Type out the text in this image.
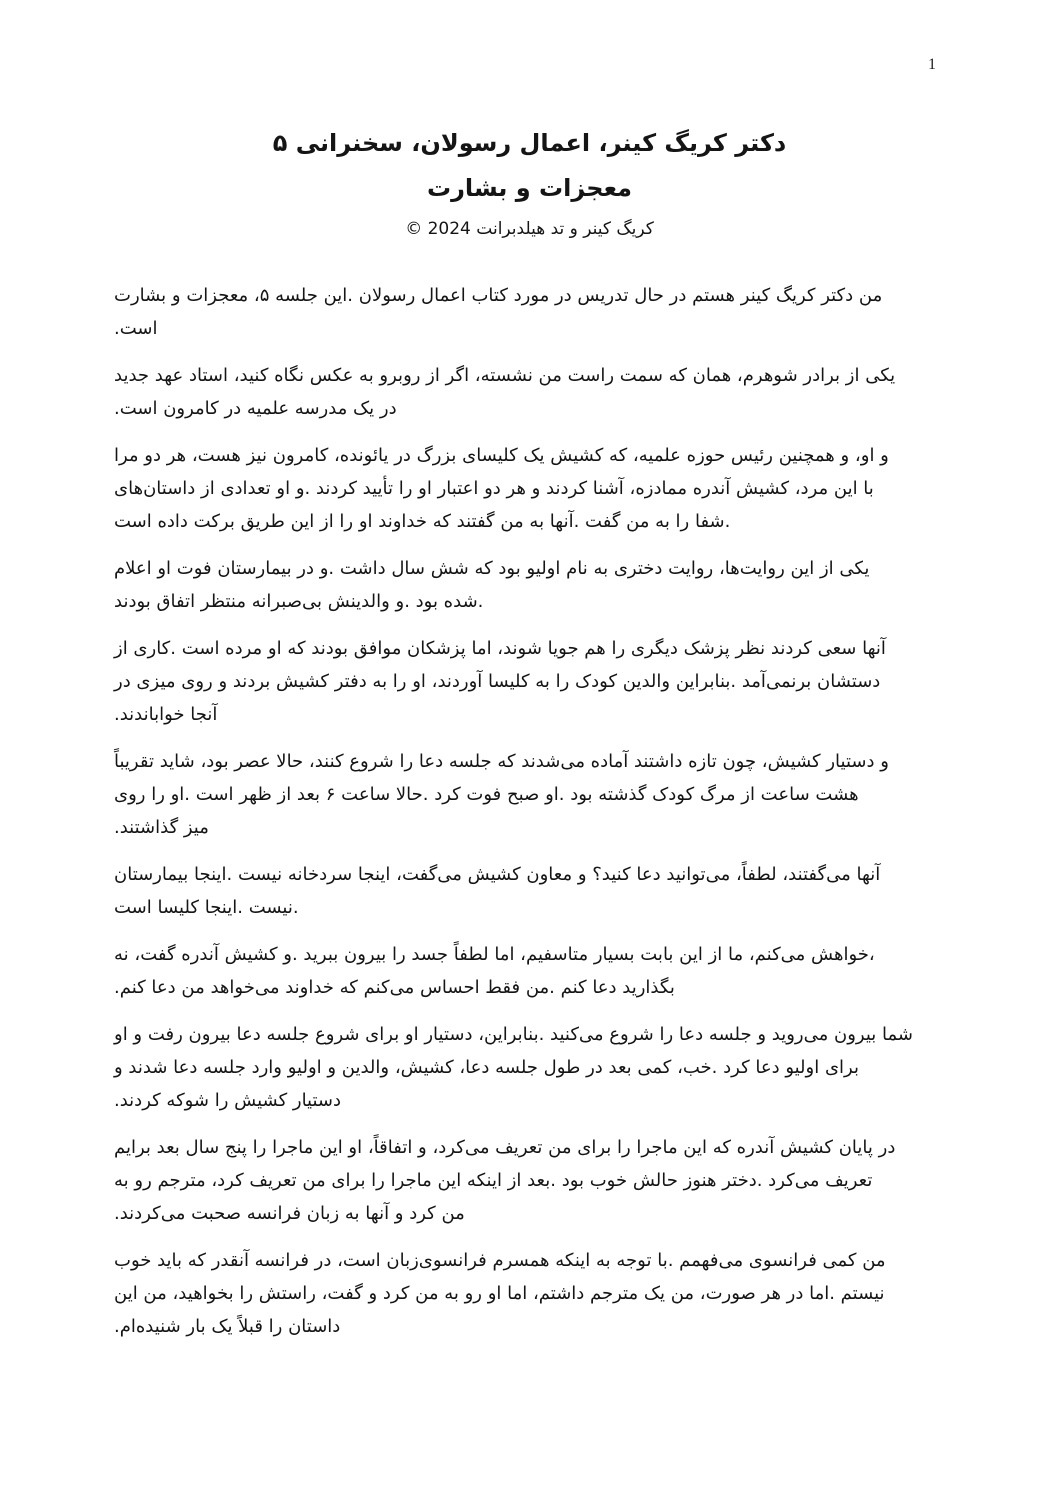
1
دکتر کریگ کینر، اعمال رسولان، سخنرانی ۵
معجزات و بشارت

کریگ کینر و تد هیلدبرانت 2024 ©

من دکتر کریگ کینر هستم در حال تدریس در مورد کتاب اعمال رسولان .این جلسه ۵، معجزات و بشارت
است.
یکی از برادر شوهرم، همان که سمت راست من نشسته، اگر از روبرو به عکس نگاه کنید، استاد عهد جدید
در یک مدرسه علمیه در کامرون است.
و او، و همچنین رئیس حوزه علمیه، که کشیش یک کلیسای بزرگ در یائونده، کامرون نیز هست، هر دو مرا
با این مرد، کشیش آندره ممادزه، آشنا کردند و هر دو اعتبار او را تأیید کردند .و او تعدادی از داستان‌های
.شفا را به من گفت .آنها به من گفتند که خداوند او را از این طریق برکت داده است
یکی از این روایت‌ها، روایت دختری به نام اولیو بود که شش سال داشت .و در بیمارستان فوت او اعلام
.شده بود .و والدینش بی‌صبرانه منتظر اتفاق بودند
آنها سعی کردند نظر پزشک دیگری را هم جویا شوند، اما پزشکان موافق بودند که او مرده است .کاری از
دستشان برنمی‌آمد .بنابراین والدین کودک را به کلیسا آوردند، او را به دفتر کشیش بردند و روی میزی در
آنجا خواباندند.
و دستیار کشیش، چون تازه داشتند آماده می‌شدند که جلسه دعا را شروع کنند، حالا عصر بود، شاید تقریباً
هشت ساعت از مرگ کودک گذشته بود .او صبح فوت کرد .حالا ساعت ۶ بعد از ظهر است .او را روی
میز گذاشتند.
آنها می‌گفتند، لطفاً، می‌توانید دعا کنید؟ و معاون کشیش می‌گفت، اینجا سردخانه نیست .اینجا بیمارستان
.نیست .اینجا کلیسا است
،خواهش می‌کنم، ما از این بابت بسیار متاسفیم، اما لطفاً جسد را بیرون ببرید .و کشیش آندره گفت، نه
بگذارید دعا کنم .من فقط احساس می‌کنم که خداوند می‌خواهد من دعا کنم.
شما بیرون می‌روید و جلسه دعا را شروع می‌کنید .بنابراین، دستیار او برای شروع جلسه دعا بیرون رفت و او
برای اولیو دعا کرد .خب، کمی بعد در طول جلسه دعا، کشیش، والدین و اولیو وارد جلسه دعا شدند و
دستیار کشیش را شوکه کردند.
در پایان کشیش آندره که این ماجرا را برای من تعریف می‌کرد، و اتفاقاً، او این ماجرا را پنج سال بعد برایم
تعریف می‌کرد .دختر هنوز حالش خوب بود .بعد از اینکه این ماجرا را برای من تعریف کرد، مترجم رو به
من کرد و آنها به زبان فرانسه صحبت می‌کردند.
من کمی فرانسوی می‌فهمم .با توجه به اینکه همسرم فرانسوی‌زبان است، در فرانسه آنقدر که باید خوب
نیستم .اما در هر صورت، من یک مترجم داشتم، اما او رو به من کرد و گفت، راستش را بخواهید، من این
داستان را قبلاً یک بار شنیده‌ام.
